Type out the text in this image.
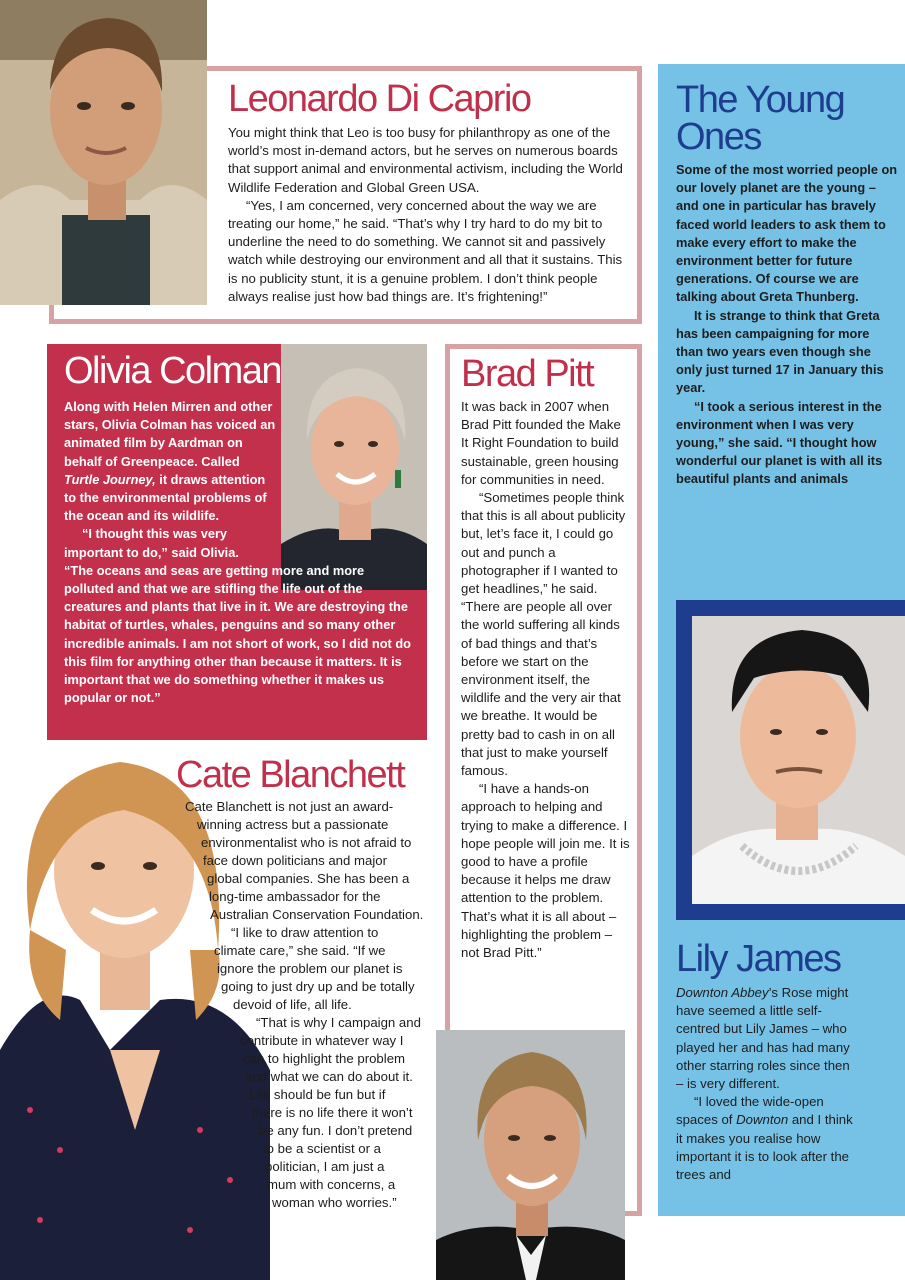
Leonardo Di Caprio

You might think that Leo is too busy for philanthropy as one of the world’s most in-demand actors, but he serves on numerous boards that support animal and environmental activism, including the World Wildlife Federation and Global Green USA.

“Yes, I am concerned, very concerned about the way we are treating our home,” he said. “That’s why I try hard to do my bit to underline the need to do something. We cannot sit and passively watch while destroying our environment and all that it sustains. This is no publicity stunt, it is a genuine problem. I don’t think people always realise just how bad things are. It’s frightening!”

Olivia Colman

Along with Helen Mirren and other stars, Olivia Colman has voiced an animated film by Aardman on behalf of Greenpeace. Called Turtle Journey, it draws attention to the environmental problems of the ocean and its wildlife.

“I thought this was very important to do,” said Olivia.

“The oceans and seas are getting more and more polluted and that we are stifling the life out of the creatures and plants that live in it. We are destroying the habitat of turtles, whales, penguins and so many other incredible animals. I am not short of work, so I did not do this film for anything other than because it matters. It is important that we do something whether it makes us popular or not.”

Brad Pitt

It was back in 2007 when Brad Pitt founded the Make It Right Foundation to build sustainable, green housing for communities in need.

“Sometimes people think that this is all about publicity but, let’s face it, I could go out and punch a photographer if I wanted to get headlines,” he said. “There are people all over the world suffering all kinds of bad things and that’s before we start on the environment itself, the wildlife and the very air that we breathe. It would be pretty bad to cash in on all that just to make yourself famous.

“I have a hands-on approach to helping and trying to make a difference. I hope people will join me. It is good to have a profile because it helps me draw attention to the problem. That’s what it is all about – highlighting the problem – not Brad Pitt.”

The Young Ones

Some of the most worried people on our lovely planet are the young – and one in particular has bravely faced world leaders to ask them to make every effort to make the environment better for future generations. Of course we are talking about Greta Thunberg.

It is strange to think that Greta has been campaigning for more than two years even though she only just turned 17 in January this year.

“I took a serious interest in the environment when I was very young,” she said. “I thought how wonderful our planet is with all its beautiful plants and animals

Lily James

Downton Abbey’s Rose might have seemed a little self-centred but Lily James – who played her and has had many other starring roles since then – is very different.

“I loved the wide-open spaces of Downton and I think it makes you realise how important it is to look after the trees and

Cate Blanchett
Cate Blanchett is not just an award-
winning actress but a passionate
environmentalist who is not afraid to
face down politicians and major
global companies. She has been a
long-time ambassador for the
Australian Conservation Foundation.
“I like to draw attention to
climate care,” she said. “If we
ignore the problem our planet is
going to just dry up and be totally
devoid of life, all life.
“That is why I campaign and
contribute in whatever way I
can to highlight the problem
and what we can do about it.
Life should be fun but if
there is no life there it won’t
be any fun. I don’t pretend
to be a scientist or a
politician, I am just a
mum with concerns, a
woman who worries.”
